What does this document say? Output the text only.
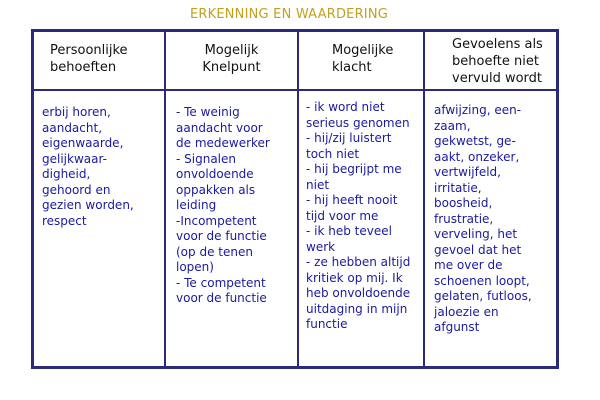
ERKENNING EN WAARDERING
Persoonlijke
behoeften
Mogelijk
Knelpunt
Mogelijke
klacht
Gevoelens als
behoefte niet
vervuld wordt
erbij horen,
aandacht,
eigenwaarde,
gelijkwaar-
digheid,
gehoord en
gezien worden,
respect
- Te weinig
aandacht voor
de medewerker
- Signalen
onvoldoende
oppakken als
leiding
-Incompetent
voor de functie
(op de tenen
lopen)
- Te competent
voor de functie
- ik word niet
serieus genomen
- hij/zij luistert
toch niet
- hij begrijpt me
niet
- hij heeft nooit
tijd voor me
- ik heb teveel
werk
- ze hebben altijd
kritiek op mij. Ik
heb onvoldoende
uitdaging in mijn
functie
afwijzing, een-
zaam,
gekwetst, ge-
aakt, onzeker,
vertwijfeld,
irritatie,
boosheid,
frustratie,
verveling, het
gevoel dat het
me over de
schoenen loopt,
gelaten, futloos,
jaloezie en
afgunst
